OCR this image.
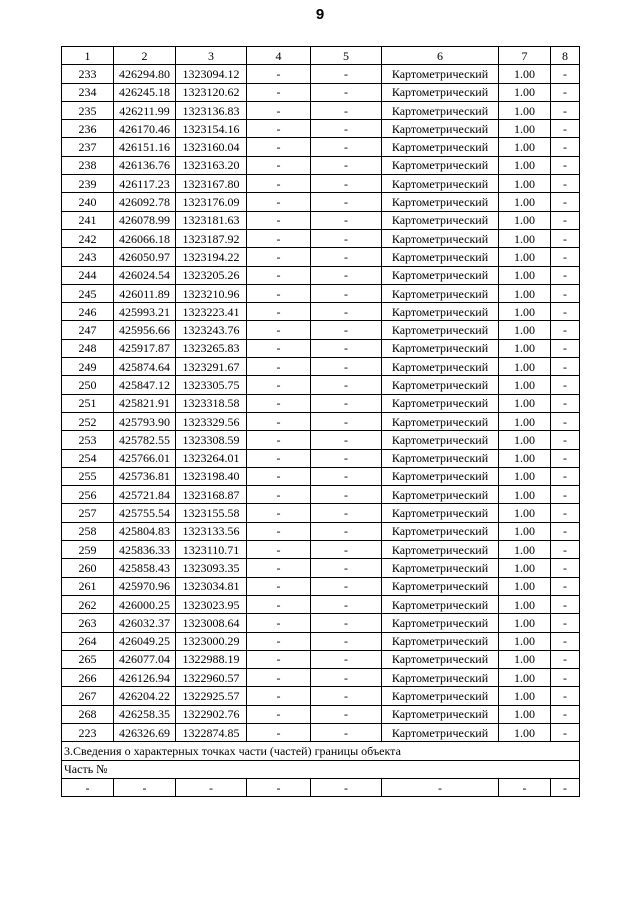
9
1	2	3	4	5	6	7	8
233	426294.80	1323094.12	-	-	Картометрический	1.00	-
234	426245.18	1323120.62	-	-	Картометрический	1.00	-
235	426211.99	1323136.83	-	-	Картометрический	1.00	-
236	426170.46	1323154.16	-	-	Картометрический	1.00	-
237	426151.16	1323160.04	-	-	Картометрический	1.00	-
238	426136.76	1323163.20	-	-	Картометрический	1.00	-
239	426117.23	1323167.80	-	-	Картометрический	1.00	-
240	426092.78	1323176.09	-	-	Картометрический	1.00	-
241	426078.99	1323181.63	-	-	Картометрический	1.00	-
242	426066.18	1323187.92	-	-	Картометрический	1.00	-
243	426050.97	1323194.22	-	-	Картометрический	1.00	-
244	426024.54	1323205.26	-	-	Картометрический	1.00	-
245	426011.89	1323210.96	-	-	Картометрический	1.00	-
246	425993.21	1323223.41	-	-	Картометрический	1.00	-
247	425956.66	1323243.76	-	-	Картометрический	1.00	-
248	425917.87	1323265.83	-	-	Картометрический	1.00	-
249	425874.64	1323291.67	-	-	Картометрический	1.00	-
250	425847.12	1323305.75	-	-	Картометрический	1.00	-
251	425821.91	1323318.58	-	-	Картометрический	1.00	-
252	425793.90	1323329.56	-	-	Картометрический	1.00	-
253	425782.55	1323308.59	-	-	Картометрический	1.00	-
254	425766.01	1323264.01	-	-	Картометрический	1.00	-
255	425736.81	1323198.40	-	-	Картометрический	1.00	-
256	425721.84	1323168.87	-	-	Картометрический	1.00	-
257	425755.54	1323155.58	-	-	Картометрический	1.00	-
258	425804.83	1323133.56	-	-	Картометрический	1.00	-
259	425836.33	1323110.71	-	-	Картометрический	1.00	-
260	425858.43	1323093.35	-	-	Картометрический	1.00	-
261	425970.96	1323034.81	-	-	Картометрический	1.00	-
262	426000.25	1323023.95	-	-	Картометрический	1.00	-
263	426032.37	1323008.64	-	-	Картометрический	1.00	-
264	426049.25	1323000.29	-	-	Картометрический	1.00	-
265	426077.04	1322988.19	-	-	Картометрический	1.00	-
266	426126.94	1322960.57	-	-	Картометрический	1.00	-
267	426204.22	1322925.57	-	-	Картометрический	1.00	-
268	426258.35	1322902.76	-	-	Картометрический	1.00	-
223	426326.69	1322874.85	-	-	Картометрический	1.00	-
3.Сведения о характерных точках части (частей) границы объекта							
Часть №							
-	-	-	-	-	-	-	-
